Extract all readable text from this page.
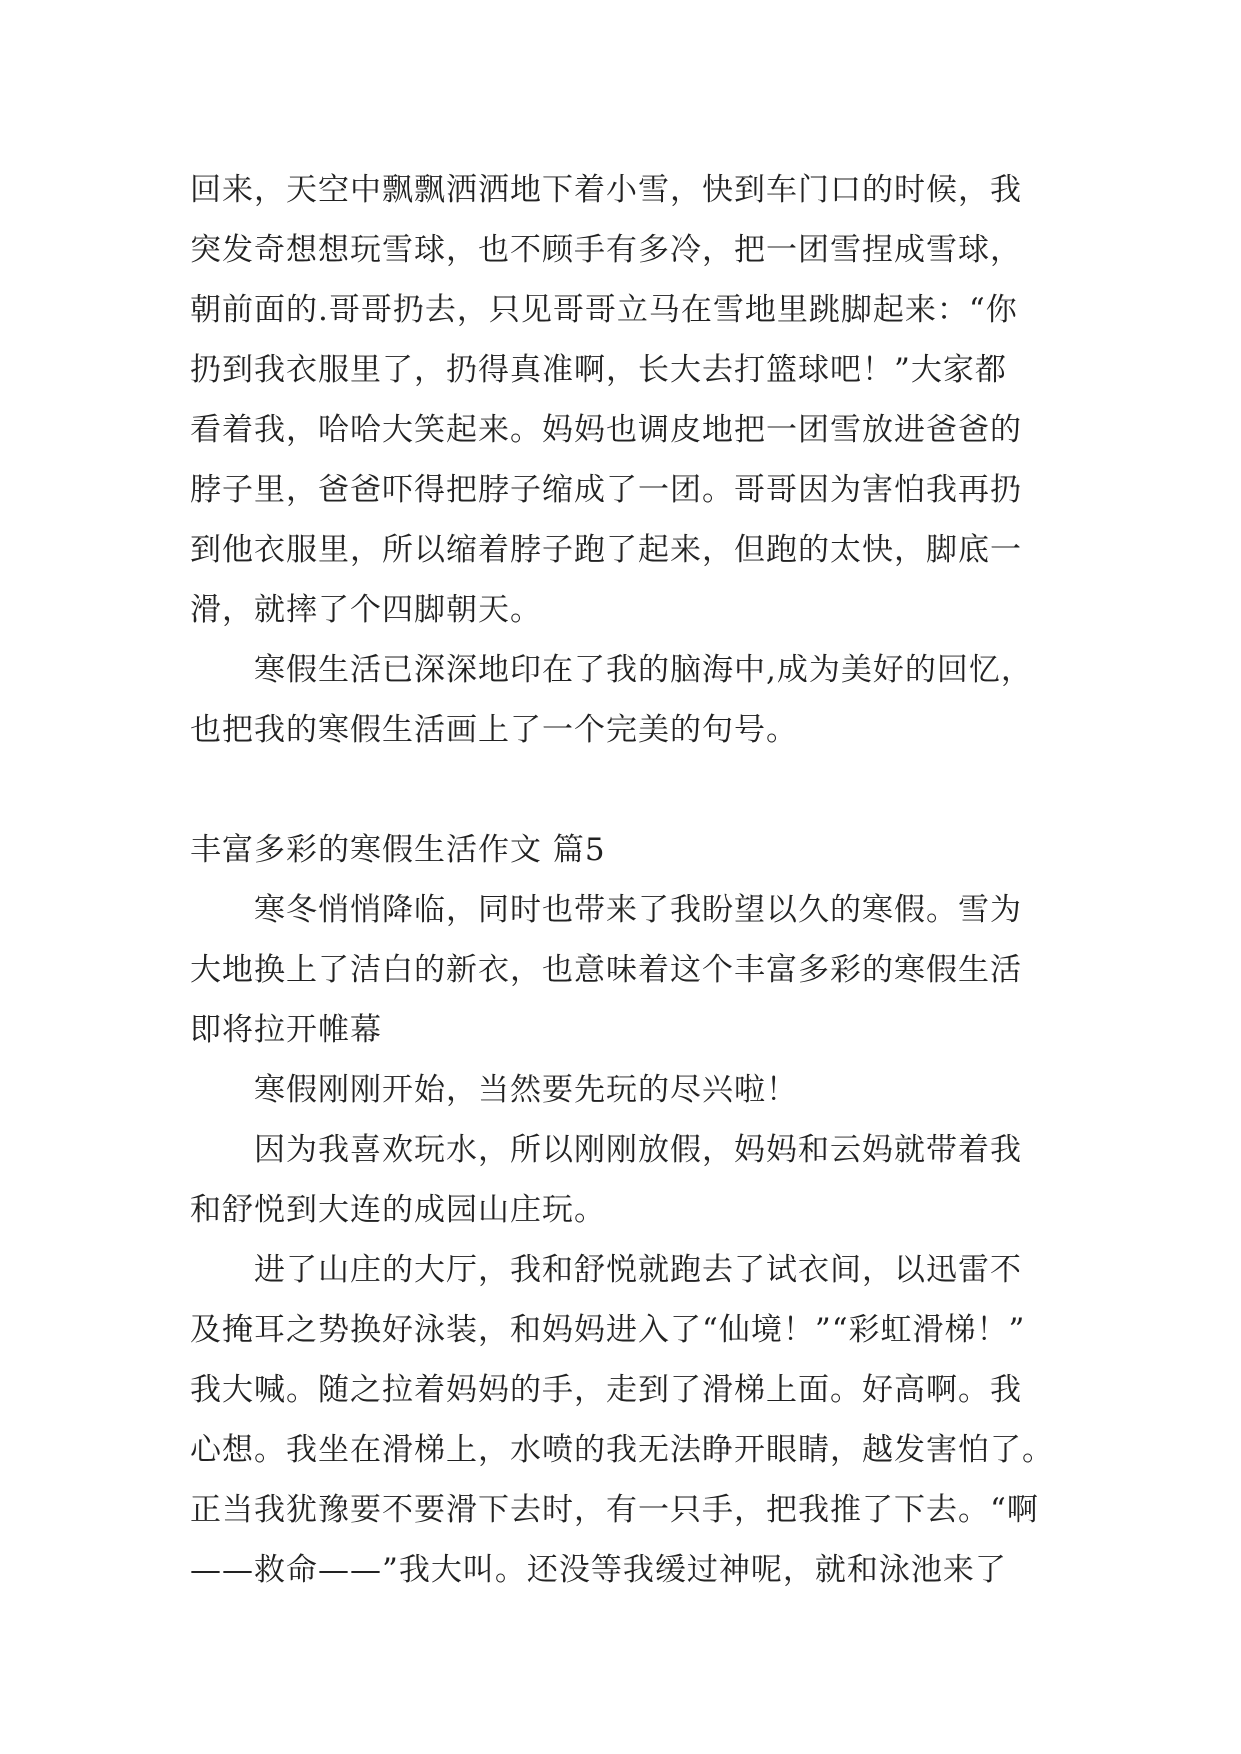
回来，天空中飘飘洒洒地下着小雪，快到车门口的时候，我
突发奇想想玩雪球，也不顾手有多冷，把一团雪捏成雪球，
朝前面的.哥哥扔去，只见哥哥立马在雪地里跳脚起来：“你
扔到我衣服里了，扔得真准啊，长大去打篮球吧！”大家都
看着我，哈哈大笑起来。妈妈也调皮地把一团雪放进爸爸的
脖子里，爸爸吓得把脖子缩成了一团。哥哥因为害怕我再扔
到他衣服里，所以缩着脖子跑了起来，但跑的太快，脚底一
滑，就摔了个四脚朝天。

寒假生活已深深地印在了我的脑海中,成为美好的回忆，
也把我的寒假生活画上了一个完美的句号。

丰富多彩的寒假生活作文 篇5

寒冬悄悄降临，同时也带来了我盼望以久的寒假。雪为
大地换上了洁白的新衣，也意味着这个丰富多彩的寒假生活
即将拉开帷幕

寒假刚刚开始，当然要先玩的尽兴啦！

因为我喜欢玩水，所以刚刚放假，妈妈和云妈就带着我
和舒悦到大连的成园山庄玩。

进了山庄的大厅，我和舒悦就跑去了试衣间，以迅雷不
及掩耳之势换好泳装，和妈妈进入了“仙境！”“彩虹滑梯！”
我大喊。随之拉着妈妈的手，走到了滑梯上面。好高啊。我
心想。我坐在滑梯上，水喷的我无法睁开眼睛，越发害怕了。
正当我犹豫要不要滑下去时，有一只手，把我推了下去。“啊
——救命——”我大叫。还没等我缓过神呢，就和泳池来了
